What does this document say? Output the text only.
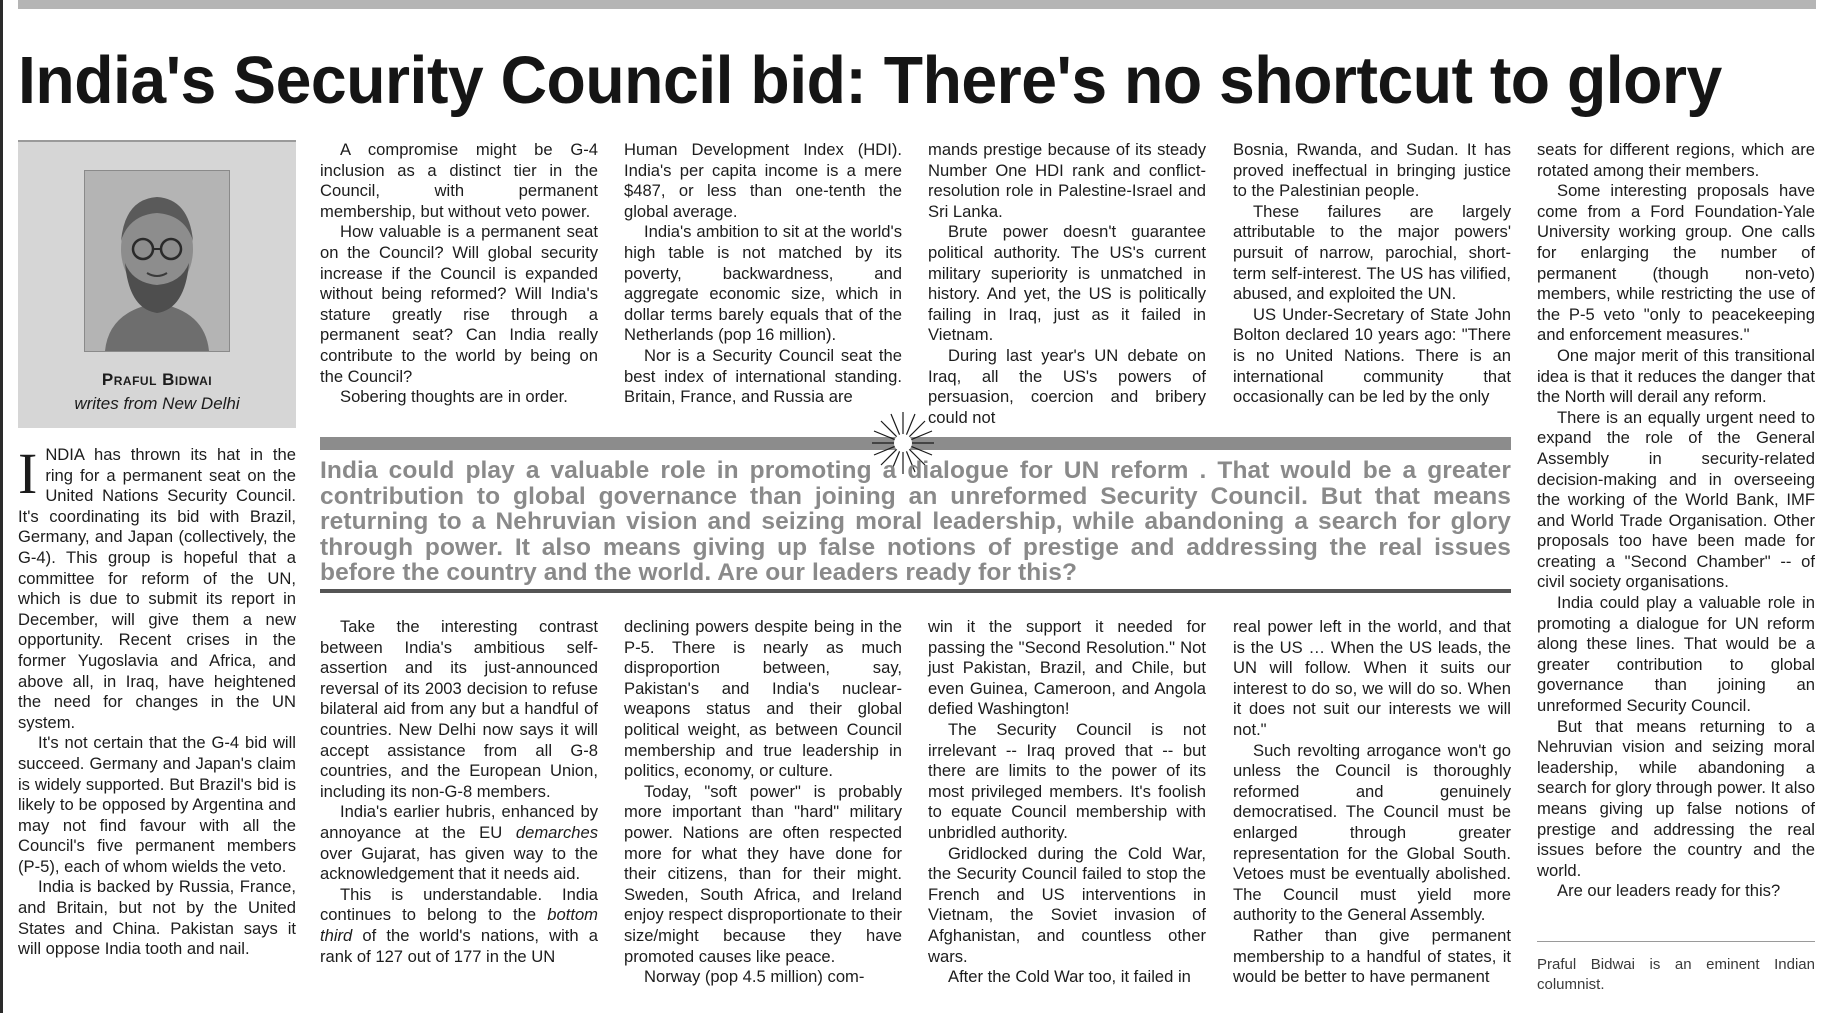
India's Security Council bid: There's no shortcut to glory
Praful Bidwai
writes from New Delhi

INDIA has thrown its hat in the ring for a permanent seat on the United Nations Security Council. It's coordinating its bid with Brazil, Germany, and Japan (collectively, the G-4). This group is hopeful that a committee for reform of the UN, which is due to submit its report in December, will give them a new opportunity. Recent crises in the former Yugoslavia and Africa, and above all, in Iraq, have heightened the need for changes in the UN system.

It's not certain that the G-4 bid will succeed. Germany and Japan's claim is widely supported. But Brazil's bid is likely to be opposed by Argentina and may not find favour with all the Council's five permanent members (P-5), each of whom wields the veto.

India is backed by Russia, France, and Britain, but not by the United States and China. Pakistan says it will oppose India tooth and nail.

A compromise might be G-4 inclusion as a distinct tier in the Council, with permanent membership, but without veto power.

How valuable is a permanent seat on the Council? Will global security increase if the Council is expanded without being reformed? Will India's stature greatly rise through a permanent seat? Can India really contribute to the world by being on the Council?

Sobering thoughts are in order.

Human Development Index (HDI). India's per capita income is a mere $487, or less than one-tenth the global average.

India's ambition to sit at the world's high table is not matched by its poverty, backwardness, and aggregate economic size, which in dollar terms barely equals that of the Netherlands (pop 16 million).

Nor is a Security Council seat the best index of international standing. Britain, France, and Russia are

mands prestige because of its steady Number One HDI rank and conflict-resolution role in Palestine-Israel and Sri Lanka.

Brute power doesn't guarantee political authority. The US's current military superiority is unmatched in history. And yet, the US is politically failing in Iraq, just as it failed in Vietnam.

During last year's UN debate on Iraq, all the US's powers of persuasion, coercion and bribery could not

Bosnia, Rwanda, and Sudan. It has proved ineffectual in bringing justice to the Palestinian people.

These failures are largely attributable to the major powers' pursuit of narrow, parochial, short-term self-interest. The US has vilified, abused, and exploited the UN.

US Under-Secretary of State John Bolton declared 10 years ago: "There is no United Nations. There is an international community that occasionally can be led by the only

India could play a valuable role in promoting a dialogue for UN reform . That would be a greater contribution to global governance than joining an unreformed Security Council. But that means returning to a Nehruvian vision and seizing moral leadership, while abandoning a search for glory through power. It also means giving up false notions of prestige and addressing the real issues before the country and the world. Are our leaders ready for this?

Take the interesting contrast between India's ambitious self-assertion and its just-announced reversal of its 2003 decision to refuse bilateral aid from any but a handful of countries. New Delhi now says it will accept assistance from all G-8 countries, and the European Union, including its non-G-8 members.

India's earlier hubris, enhanced by annoyance at the EU demarches over Gujarat, has given way to the acknowledgement that it needs aid.

This is understandable. India continues to belong to the bottom third of the world's nations, with a rank of 127 out of 177 in the UN

declining powers despite being in the P-5. There is nearly as much disproportion between, say, Pakistan's and India's nuclear-weapons status and their global political weight, as between Council membership and true leadership in politics, economy, or culture.

Today, "soft power" is probably more important than "hard" military power. Nations are often respected more for what they have done for their citizens, than for their might. Sweden, South Africa, and Ireland enjoy respect disproportionate to their size/might because they have promoted causes like peace.

Norway (pop 4.5 million) com-

win it the support it needed for passing the "Second Resolution." Not just Pakistan, Brazil, and Chile, but even Guinea, Cameroon, and Angola defied Washington!

The Security Council is not irrelevant -- Iraq proved that -- but there are limits to the power of its most privileged members. It's foolish to equate Council membership with unbridled authority.

Gridlocked during the Cold War, the Security Council failed to stop the French and US interventions in Vietnam, the Soviet invasion of Afghanistan, and countless other wars.

After the Cold War too, it failed in

real power left in the world, and that is the US … When the US leads, the UN will follow. When it suits our interest to do so, we will do so. When it does not suit our interests we will not."

Such revolting arrogance won't go unless the Council is thoroughly reformed and genuinely democratised. The Council must be enlarged through greater representation for the Global South. Vetoes must be eventually abolished. The Council must yield more authority to the General Assembly.

Rather than give permanent membership to a handful of states, it would be better to have permanent

seats for different regions, which are rotated among their members.

Some interesting proposals have come from a Ford Foundation-Yale University working group. One calls for enlarging the number of permanent (though non-veto) members, while restricting the use of the P-5 veto "only to peacekeeping and enforcement measures."

One major merit of this transitional idea is that it reduces the danger that the North will derail any reform.

There is an equally urgent need to expand the role of the General Assembly in security-related decision-making and in overseeing the working of the World Bank, IMF and World Trade Organisation. Other proposals too have been made for creating a "Second Chamber" -- of civil society organisations.

India could play a valuable role in promoting a dialogue for UN reform along these lines. That would be a greater contribution to global governance than joining an unreformed Security Council.

But that means returning to a Nehruvian vision and seizing moral leadership, while abandoning a search for glory through power. It also means giving up false notions of prestige and addressing the real issues before the country and the world.

Are our leaders ready for this?

Praful Bidwai is an eminent Indian columnist.
